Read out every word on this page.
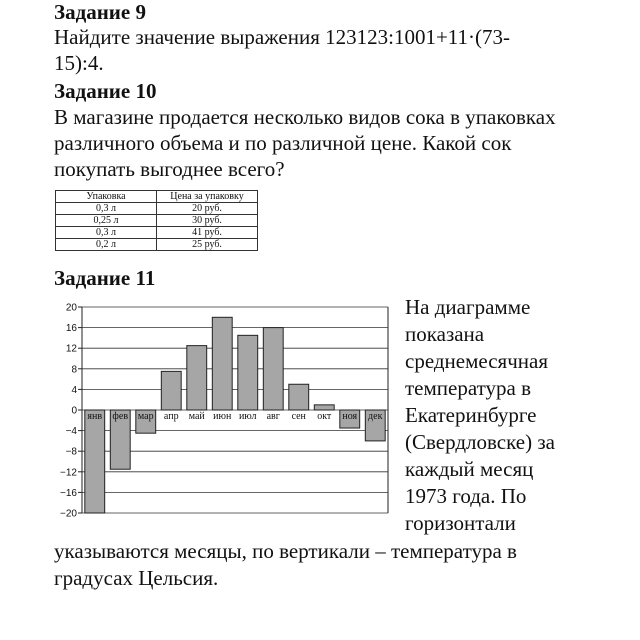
Задание 9
Найдите значение выражения 123123:1001+11·(73-
15):4.
Задание 10
В магазине продается несколько видов сока в упаковках
различного объема и по различной цене. Какой сок
покупать выгоднее всего?
Упаковка	Цена за упаковку
0,3 л	20 руб.
0,25 л	30 руб.
0,3 л	41 руб.
0,2 л	25 руб.
Задание 11
20
16
12
8
4
0
−4
−8
−12
−16
−20
янв фев мар апр май июн июл авг сен окт ноя дек
На диаграмме
показана
среднемесячная
температура в
Екатеринбурге
(Свердловске) за
каждый месяц
1973 года. По
горизонтали
указываются месяцы, по вертикали – температура в
градусах Цельсия.
